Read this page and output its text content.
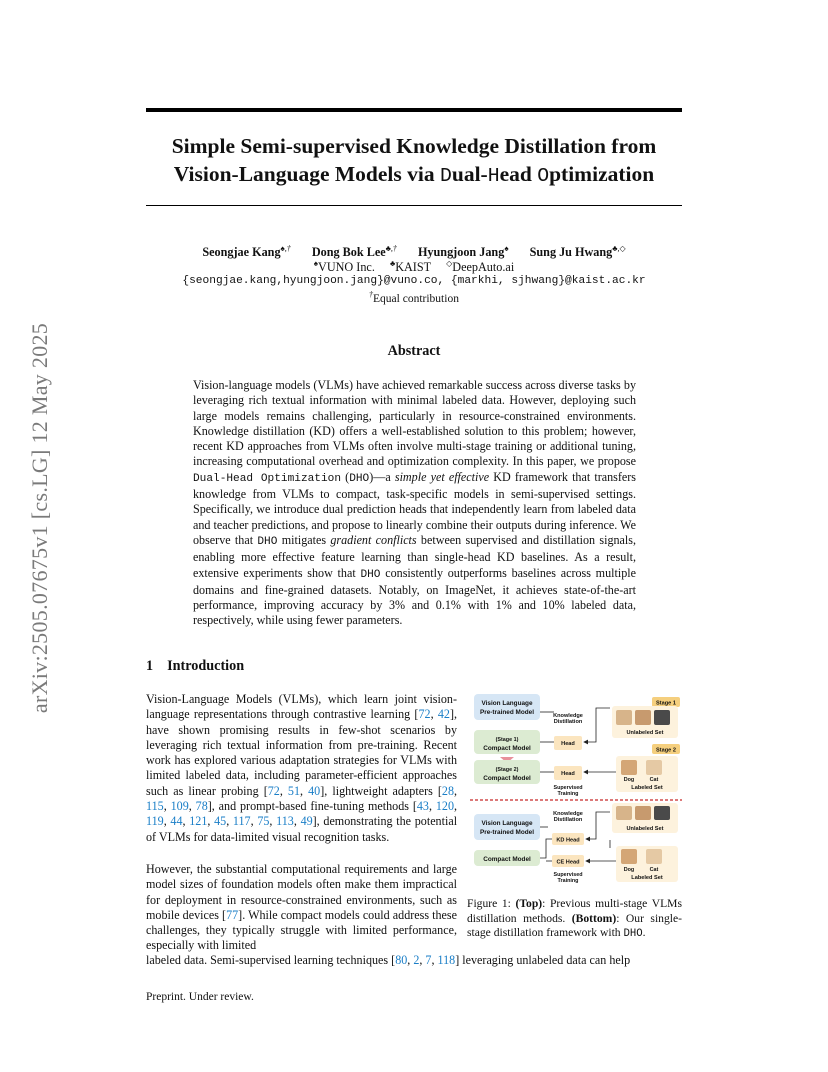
arXiv:2505.07675v1 [cs.LG] 12 May 2025
Simple Semi-supervised Knowledge Distillation from
Vision-Language Models via Dual-Head Optimization
Seongjae Kang♠,† Dong Bok Lee♣,† Hyungjoon Jang♠ Sung Ju Hwang♣,◇
♠VUNO Inc. ♣KAIST ◇DeepAuto.ai
{seongjae.kang,hyungjoon.jang}@vuno.co, {markhi, sjhwang}@kaist.ac.kr
†Equal contribution
Abstract

Vision-language models (VLMs) have achieved remarkable success across diverse tasks by leveraging rich textual information with minimal labeled data. However, deploying such large models remains challenging, particularly in resource-constrained environments. Knowledge distillation (KD) offers a well-established solution to this problem; however, recent KD approaches from VLMs often involve multi-stage training or additional tuning, increasing computational overhead and optimization complexity. In this paper, we propose Dual-Head Optimization (DHO)—a simple yet effective KD framework that transfers knowledge from VLMs to compact, task-specific models in semi-supervised settings. Specifically, we introduce dual prediction heads that independently learn from labeled data and teacher predictions, and propose to linearly combine their outputs during inference. We observe that DHO mitigates gradient conflicts between supervised and distillation signals, enabling more effective feature learning than single-head KD baselines. As a result, extensive experiments show that DHO consistently outperforms baselines across multiple domains and fine-grained datasets. Notably, on ImageNet, it achieves state-of-the-art performance, improving accuracy by 3% and 0.1% with 1% and 10% labeled data, respectively, while using fewer parameters.

1 Introduction

Vision-Language Models (VLMs), which learn joint vision-language representations through contrastive learning [72, 42], have shown promising results in few-shot scenarios by leveraging rich textual information from pre-training. Recent work has explored various adaptation strategies for VLMs with limited labeled data, including parameter-efficient approaches such as linear probing [72, 51, 40], lightweight adapters [28, 115, 109, 78], and prompt-based fine-tuning methods [43, 120, 119, 44, 121, 45, 117, 75, 113, 49], demonstrating the potential of VLMs for data-limited visual recognition tasks.

However, the substantial computational requirements and large model sizes of foundation models often make them impractical for deployment in resource-constrained environments, such as mobile devices [77]. While compact models could address these challenges, they typically struggle with limited performance, especially with limited

labeled data. Semi-supervised learning techniques [80, 2, 7, 118] leveraging unlabeled data can help

Vision Language
Pre-trained Model
(Stage 1)
Compact Model
(Stage 2)
Compact Model
Knowledge
Distillation
Head
Head
Supervised
Training
Stage 1
Unlabeled Set
Stage 2
Dog	Cat
Labeled Set
Vision Language
Pre-trained Model
Compact Model
Knowledge
Distillation
KD Head
CE Head
Supervised
Training
Unlabeled Set
Dog	Cat
Labeled Set

Figure 1: (Top): Previous multi-stage VLMs distillation methods. (Bottom): Our single-stage distillation framework with DHO.

Preprint. Under review.
